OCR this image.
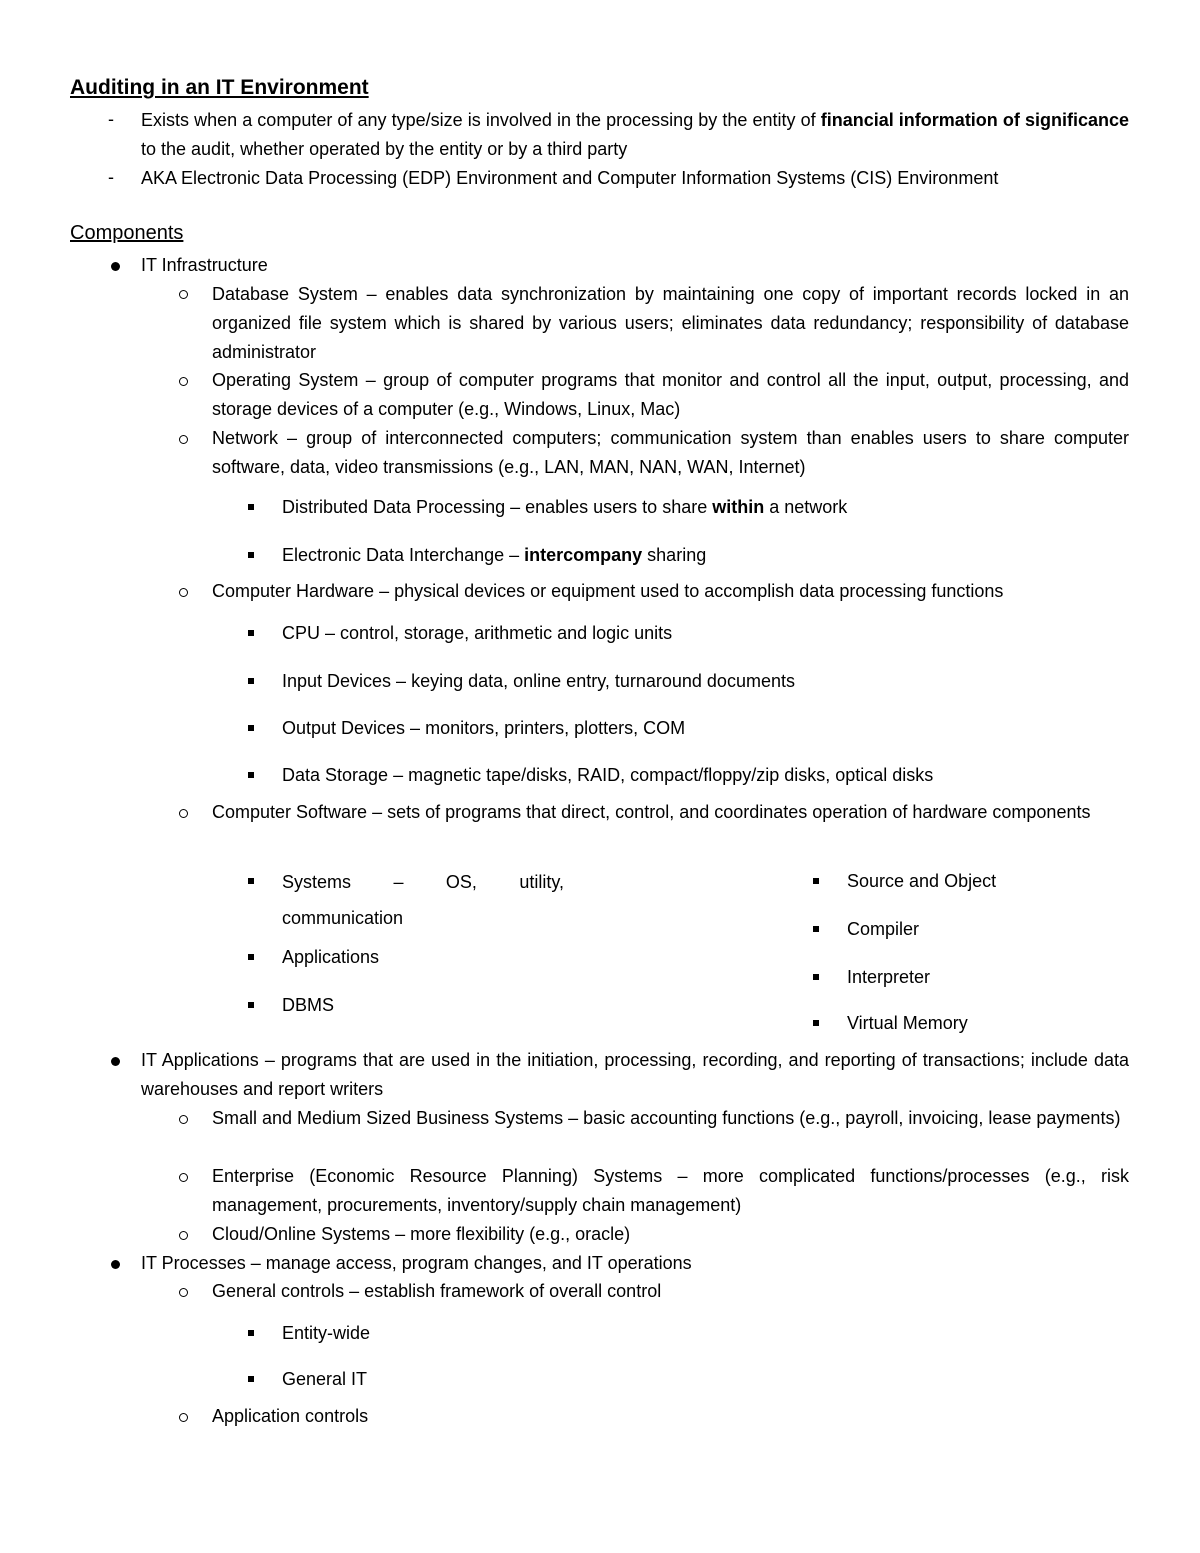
Auditing in an IT Environment
- Exists when a computer of any type/size is involved in the processing by the entity of financial information of significance to the audit, whether operated by the entity or by a third party
- AKA Electronic Data Processing (EDP) Environment and Computer Information Systems (CIS) Environment
Components
IT Infrastructure
Database System – enables data synchronization by maintaining one copy of important records locked in an organized file system which is shared by various users; eliminates data redundancy; responsibility of database administrator
Operating System – group of computer programs that monitor and control all the input, output, processing, and storage devices of a computer (e.g., Windows, Linux, Mac)
Network – group of interconnected computers; communication system than enables users to share computer software, data, video transmissions (e.g., LAN, MAN, NAN, WAN, Internet)
Distributed Data Processing – enables users to share within a network
Electronic Data Interchange – intercompany sharing
Computer Hardware – physical devices or equipment used to accomplish data processing functions
CPU – control, storage, arithmetic and logic units
Input Devices – keying data, online entry, turnaround documents
Output Devices – monitors, printers, plotters, COM
Data Storage – magnetic tape/disks, RAID, compact/floppy/zip disks, optical disks
Computer Software – sets of programs that direct, control, and coordinates operation of hardware components
Systems – OS, utility,
communication
Applications
DBMS
Source and Object
Compiler
Interpreter
Virtual Memory
IT Applications – programs that are used in the initiation, processing, recording, and reporting of transactions; include data warehouses and report writers
Small and Medium Sized Business Systems – basic accounting functions (e.g., payroll, invoicing, lease payments)
Enterprise (Economic Resource Planning) Systems – more complicated functions/processes (e.g., risk management, procurements, inventory/supply chain management)
Cloud/Online Systems – more flexibility (e.g., oracle)
IT Processes – manage access, program changes, and IT operations
General controls – establish framework of overall control
Entity-wide
General IT
Application controls
